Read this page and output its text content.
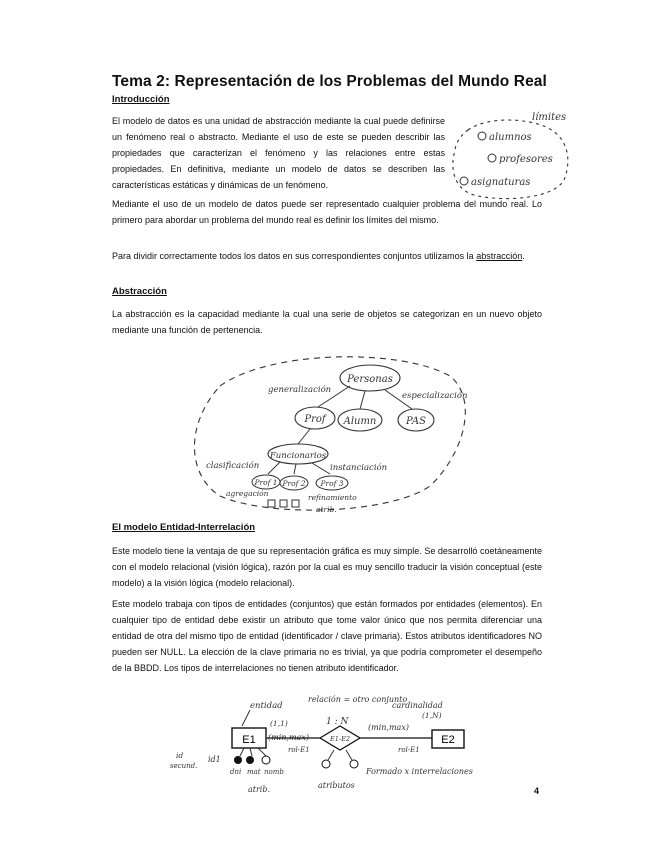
Tema 2: Representación de los Problemas del Mundo Real
Introducción
El modelo de datos es una unidad de abstracción mediante la cual puede definirse un fenómeno real o abstracto. Mediante el uso de este se pueden describir las propiedades que caracterizan el fenómeno y las relaciones entre estas propiedades. En definitiva, mediante un modelo de datos se describen las características estáticas y dinámicas de un fenómeno.
límites
alumnos
profesores
asignaturas
Mediante el uso de un modelo de datos puede ser representado cualquier problema del mundo real. Lo primero para abordar un problema del mundo real es definir los límites del mismo.
Para dividir correctamente todos los datos en sus correspondientes conjuntos utilizamos la abstracción.
Abstracción
La abstracción es la capacidad mediante la cual una serie de objetos se categorizan en un nuevo objeto mediante una función de pertenencia.
Personas
Prof Alumn	PAS
generalización
especialización
Funcionarios
clasificación	instanciación
Prof 1 Prof 2 Prof 3
agregación	refinamiento
atrib.
El modelo Entidad-Interrelación
Este modelo tiene la ventaja de que su representación gráfica es muy simple. Se desarrolló coetáneamente con el modelo relacional (visión lógica), razón por la cual es muy sencillo traducir la visión conceptual (este modelo) a la visión lógica (modelo relacional).
Este modelo trabaja con tipos de entidades (conjuntos) que están formados por entidades (elementos). En cualquier tipo de entidad debe existir un atributo que tome valor único que nos permita diferenciar una entidad de otra del mismo tipo de entidad (identificador / clave primaria). Estos atributos identificadores NO pueden ser NULL. La elección de la clave primaria no es trivial, ya que podría comprometer el desempeño de la BBDD. Los tipos de interrelaciones no tienen atributo identificador.
entidad
E1
(1,1)
(min,max)
rol-E1
relación = otro conjunto
1 : N
E1-E2
cardinalidad
(1,N)
(min,max)
rol-E1
E2
id1
id
secund.
dni mat nomb
atrib.	atributos
Formado x interrelaciones
4
